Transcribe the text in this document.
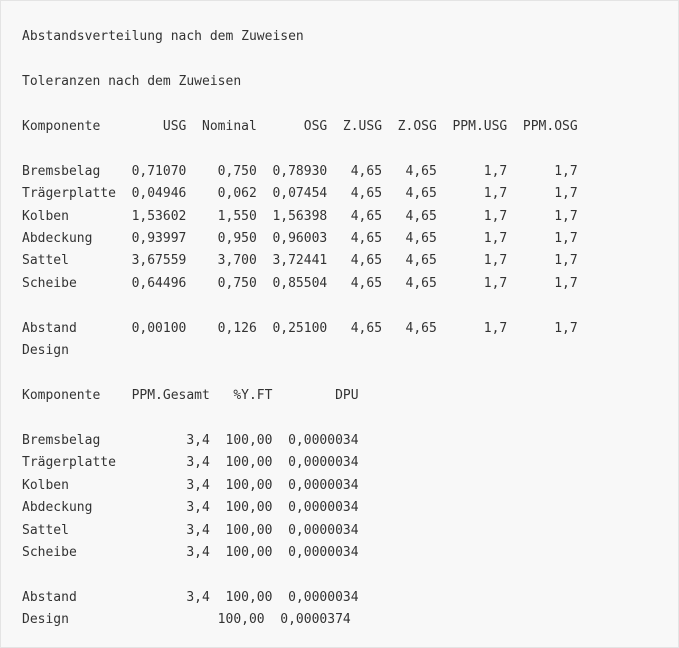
Abstandsverteilung nach dem Zuweisen
Toleranzen nach dem Zuweisen
Komponente        USG  Nominal      OSG  Z.USG  Z.OSG  PPM.USG  PPM.OSG
Bremsbelag    0,71070    0,750  0,78930   4,65   4,65      1,7      1,7
Trägerplatte  0,04946    0,062  0,07454   4,65   4,65      1,7      1,7
Kolben        1,53602    1,550  1,56398   4,65   4,65      1,7      1,7
Abdeckung     0,93997    0,950  0,96003   4,65   4,65      1,7      1,7
Sattel        3,67559    3,700  3,72441   4,65   4,65      1,7      1,7
Scheibe       0,64496    0,750  0,85504   4,65   4,65      1,7      1,7
Abstand       0,00100    0,126  0,25100   4,65   4,65      1,7      1,7
Design
Komponente    PPM.Gesamt   %Y.FT        DPU
Bremsbelag           3,4  100,00  0,0000034
Trägerplatte         3,4  100,00  0,0000034
Kolben               3,4  100,00  0,0000034
Abdeckung            3,4  100,00  0,0000034
Sattel               3,4  100,00  0,0000034
Scheibe              3,4  100,00  0,0000034
Abstand              3,4  100,00  0,0000034
Design                   100,00  0,0000374
